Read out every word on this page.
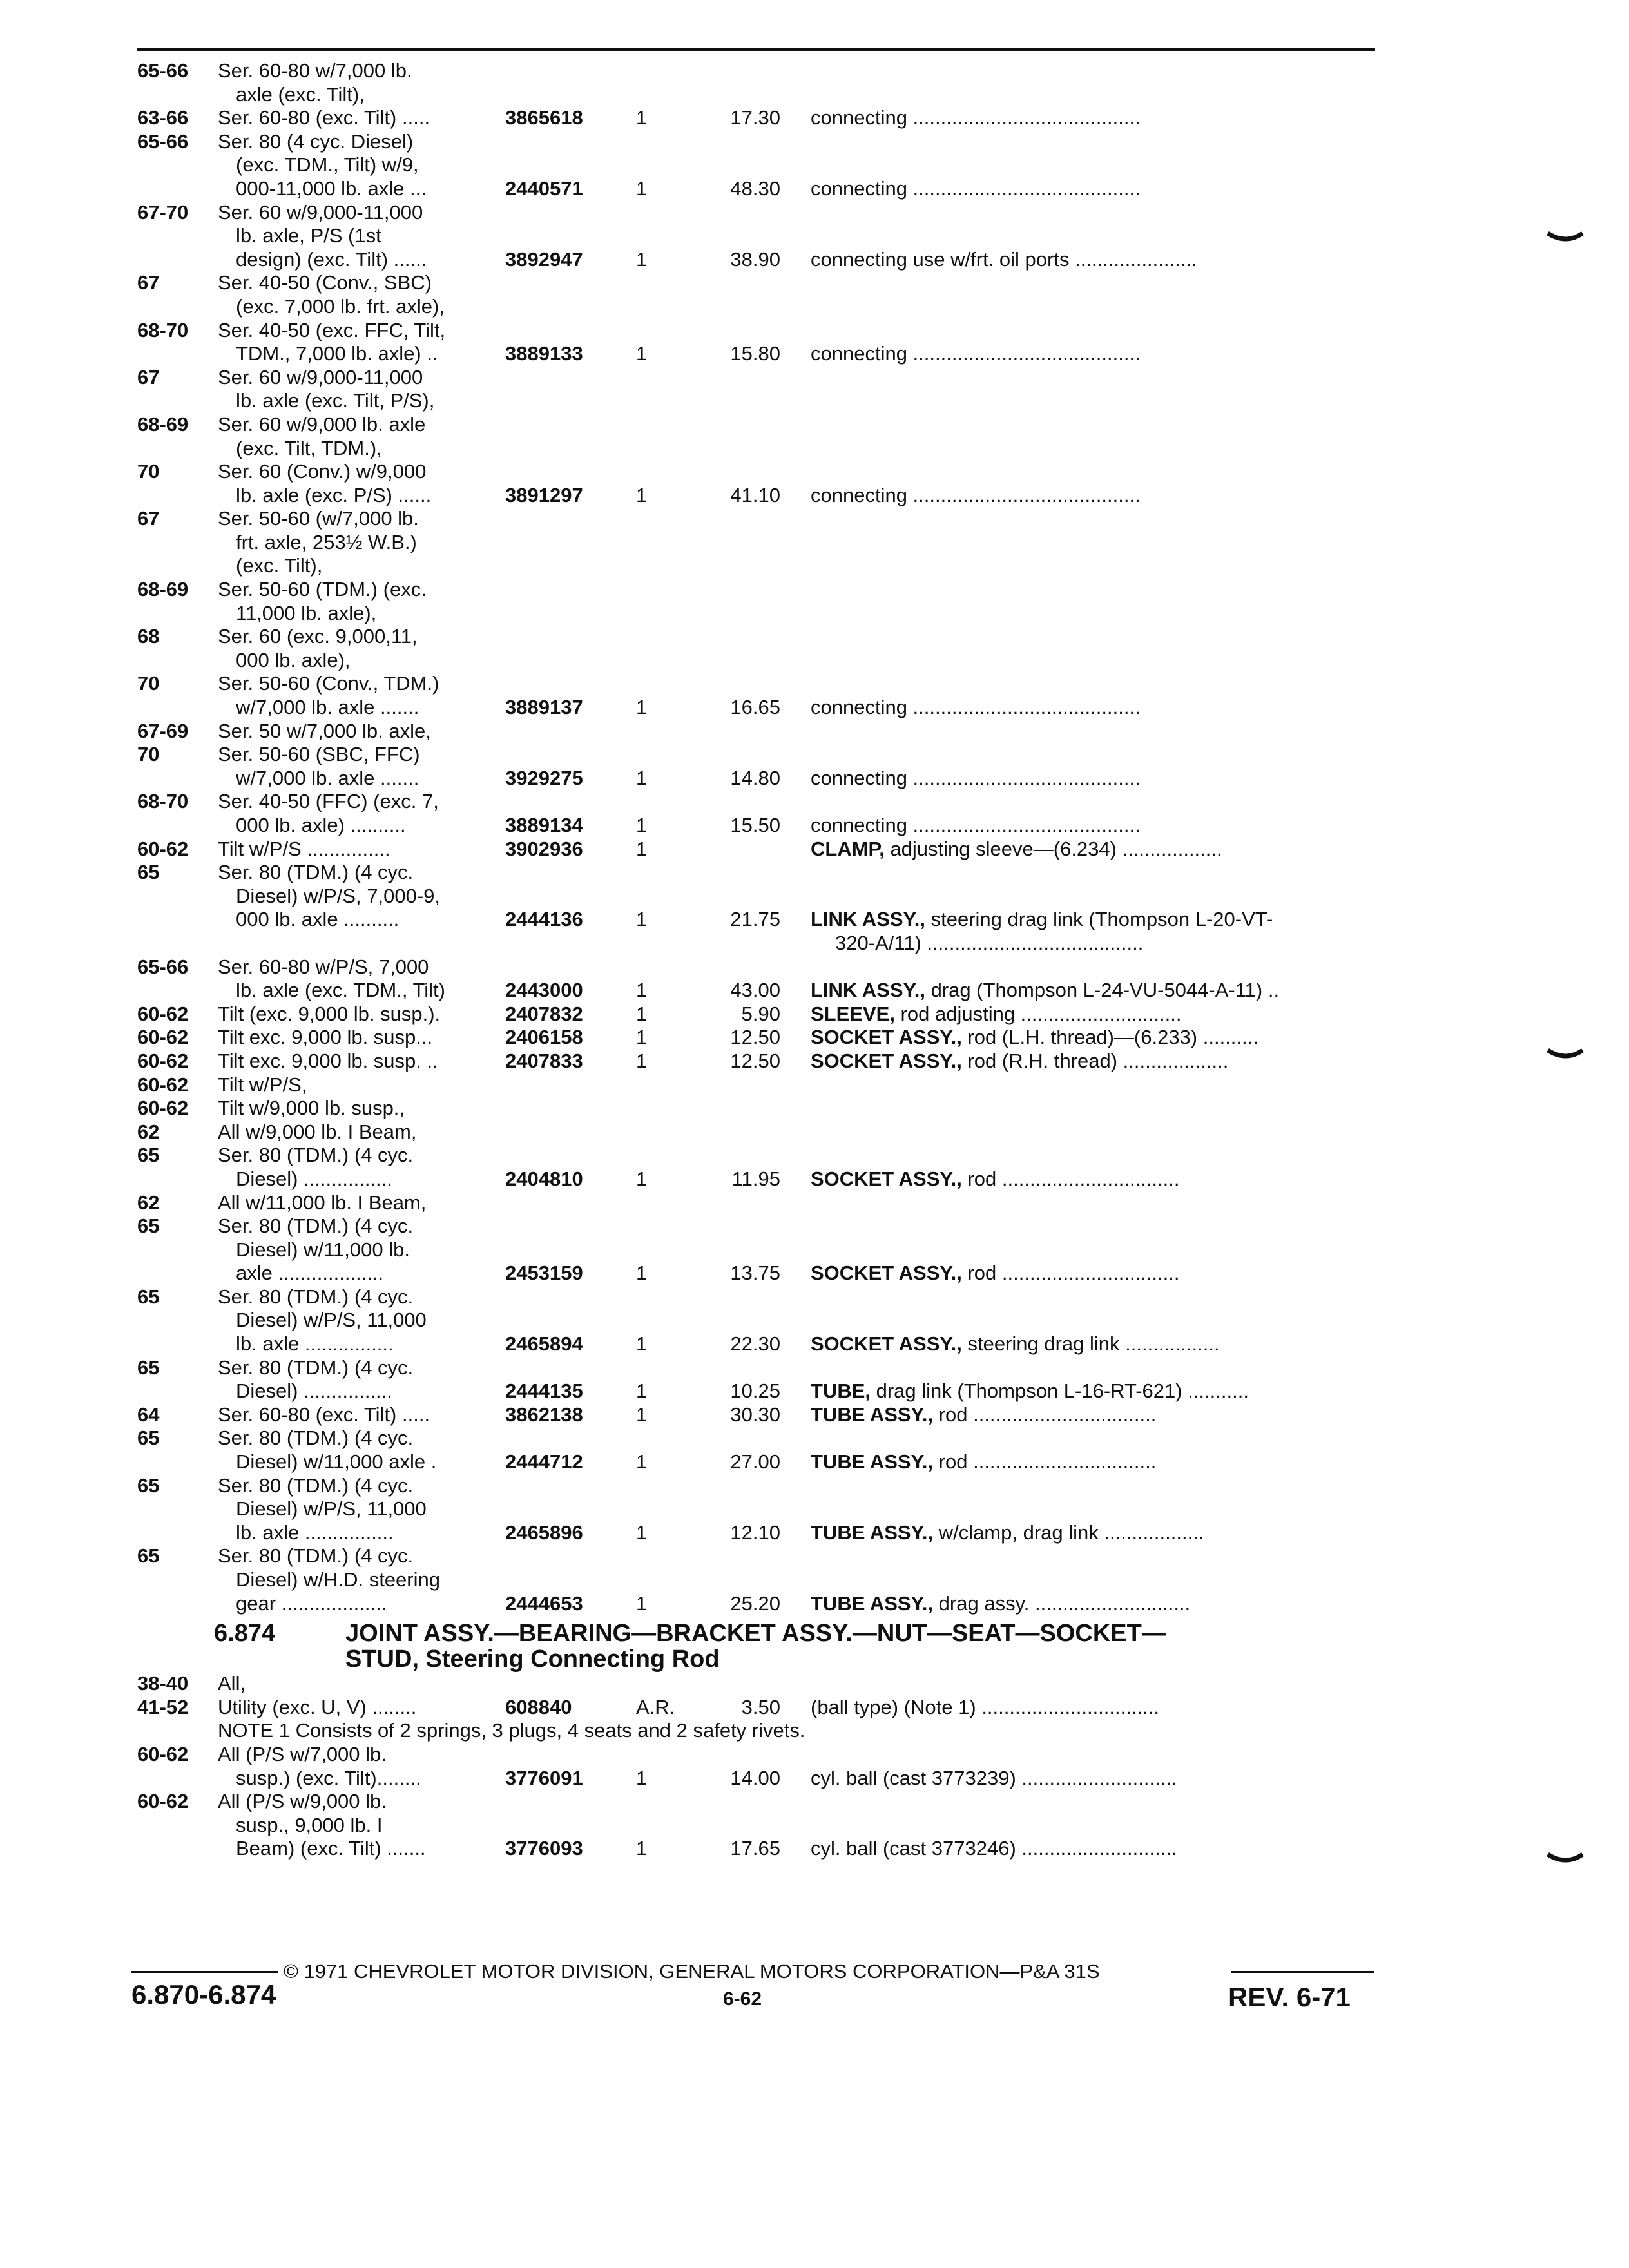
65-66 Ser. 60-80 w/7,000 lb.
axle (exc. Tilt),
63-66 Ser. 60-80 (exc. Tilt) .....	3865618	1	17.30 connecting .........................................
65-66 Ser. 80 (4 cyc. Diesel)
(exc. TDM., Tilt) w/9,
000-11,000 lb. axle ...	2440571	1	48.30 connecting .........................................
67-70 Ser. 60 w/9,000-11,000
lb. axle, P/S (1st
design) (exc. Tilt) ......	3892947	1	38.90 connecting use w/frt. oil ports ......................
67	Ser. 40-50 (Conv., SBC)
(exc. 7,000 lb. frt. axle),
68-70 Ser. 40-50 (exc. FFC, Tilt,
TDM., 7,000 lb. axle) ..	3889133	1	15.80 connecting .........................................
67	Ser. 60 w/9,000-11,000
lb. axle (exc. Tilt, P/S),
68-69 Ser. 60 w/9,000 lb. axle
(exc. Tilt, TDM.),
70	Ser. 60 (Conv.) w/9,000
lb. axle (exc. P/S) ......	3891297	1	41.10 connecting .........................................
67	Ser. 50-60 (w/7,000 lb.
frt. axle, 253½ W.B.)
(exc. Tilt),
68-69 Ser. 50-60 (TDM.) (exc.
11,000 lb. axle),
68	Ser. 60 (exc. 9,000,11,
000 lb. axle),
70	Ser. 50-60 (Conv., TDM.)
w/7,000 lb. axle .......	3889137	1	16.65 connecting .........................................
67-69 Ser. 50 w/7,000 lb. axle,
70	Ser. 50-60 (SBC, FFC)
w/7,000 lb. axle .......	3929275	1	14.80 connecting .........................................
68-70 Ser. 40-50 (FFC) (exc. 7,
000 lb. axle) ..........	3889134	1	15.50 connecting .........................................
60-62 Tilt w/P/S ...............	3902936	1	CLAMP, adjusting sleeve—(6.234) ..................
65	Ser. 80 (TDM.) (4 cyc.
Diesel) w/P/S, 7,000-9,
000 lb. axle ..........	2444136	1	21.75 LINK ASSY., steering drag link (Thompson L-20-VT-
320-A/11) .......................................
65-66 Ser. 60-80 w/P/S, 7,000
lb. axle (exc. TDM., Tilt)	2443000	1	43.00 LINK ASSY., drag (Thompson L-24-VU-5044-A-11) ..
60-62 Tilt (exc. 9,000 lb. susp.).	2407832	1	5.90 SLEEVE, rod adjusting .............................
60-62 Tilt exc. 9,000 lb. susp...	2406158	1	12.50 SOCKET ASSY., rod (L.H. thread)—(6.233) ..........
60-62 Tilt exc. 9,000 lb. susp. ..	2407833	1	12.50 SOCKET ASSY., rod (R.H. thread) ...................
60-62 Tilt w/P/S,
60-62 Tilt w/9,000 lb. susp.,
62	All w/9,000 lb. I Beam,
65	Ser. 80 (TDM.) (4 cyc.
Diesel) ................	2404810	1	11.95 SOCKET ASSY., rod ................................
62	All w/11,000 lb. I Beam,
65	Ser. 80 (TDM.) (4 cyc.
Diesel) w/11,000 lb.
axle ...................	2453159	1	13.75 SOCKET ASSY., rod ................................
65	Ser. 80 (TDM.) (4 cyc.
Diesel) w/P/S, 11,000
lb. axle ................	2465894	1	22.30 SOCKET ASSY., steering drag link .................
65	Ser. 80 (TDM.) (4 cyc.
Diesel) ................	2444135	1	10.25 TUBE, drag link (Thompson L-16-RT-621) ...........
64	Ser. 60-80 (exc. Tilt) .....	3862138	1	30.30 TUBE ASSY., rod .................................
65	Ser. 80 (TDM.) (4 cyc.
Diesel) w/11,000 axle .	2444712	1	27.00 TUBE ASSY., rod .................................
65	Ser. 80 (TDM.) (4 cyc.
Diesel) w/P/S, 11,000
lb. axle ................	2465896	1	12.10 TUBE ASSY., w/clamp, drag link ..................
65	Ser. 80 (TDM.) (4 cyc.
Diesel) w/H.D. steering
gear ...................	2444653	1	25.20 TUBE ASSY., drag assy. ............................
6.874	JOINT ASSY.—BEARING—BRACKET ASSY.—NUT—SEAT—SOCKET—
STUD, Steering Connecting Rod
38-40 All,
41-52 Utility (exc. U, V) ........	608840	A.R.	3.50 (ball type) (Note 1) ................................
NOTE 1 Consists of 2 springs, 3 plugs, 4 seats and 2 safety rivets.
60-62 All (P/S w/7,000 lb.
susp.) (exc. Tilt)........	3776091	1	14.00 cyl. ball (cast 3773239) ............................
60-62 All (P/S w/9,000 lb.
susp., 9,000 lb. I
Beam) (exc. Tilt) .......	3776093	1	17.65 cyl. ball (cast 3773246) ............................
© 1971 CHEVROLET MOTOR DIVISION, GENERAL MOTORS CORPORATION—P&A 31S
6.870-6.874	6-62	REV. 6-71
